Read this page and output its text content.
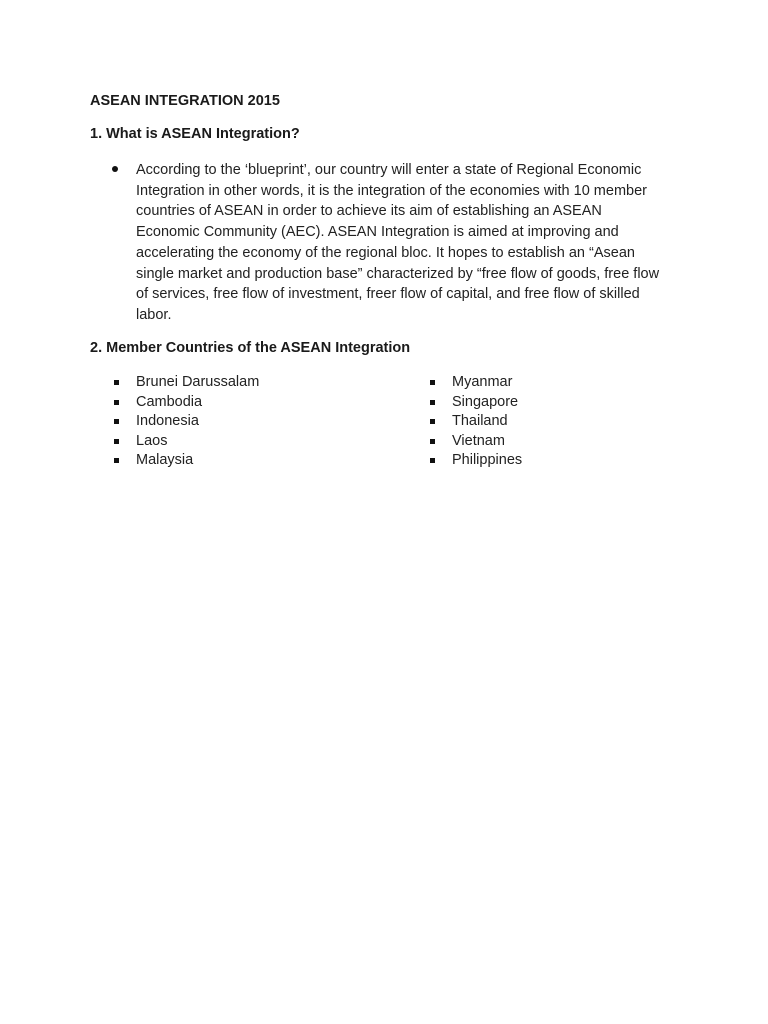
ASEAN INTEGRATION 2015
1. What is ASEAN Integration?
According to the ‘blueprint’, our country will enter a state of Regional Economic Integration in other words, it is the integration of the economies with 10 member countries of ASEAN in order to achieve its aim of establishing an ASEAN Economic Community (AEC). ASEAN Integration is aimed at improving and accelerating the economy of the regional bloc. It hopes to establish an “Asean single market and production base” characterized by “free flow of goods, free flow of services, free flow of investment, freer flow of capital, and free flow of skilled labor.
2. Member Countries of the ASEAN Integration
Brunei Darussalam
Cambodia
Indonesia
Laos
Malaysia
Myanmar
Singapore
Thailand
Vietnam
Philippines
